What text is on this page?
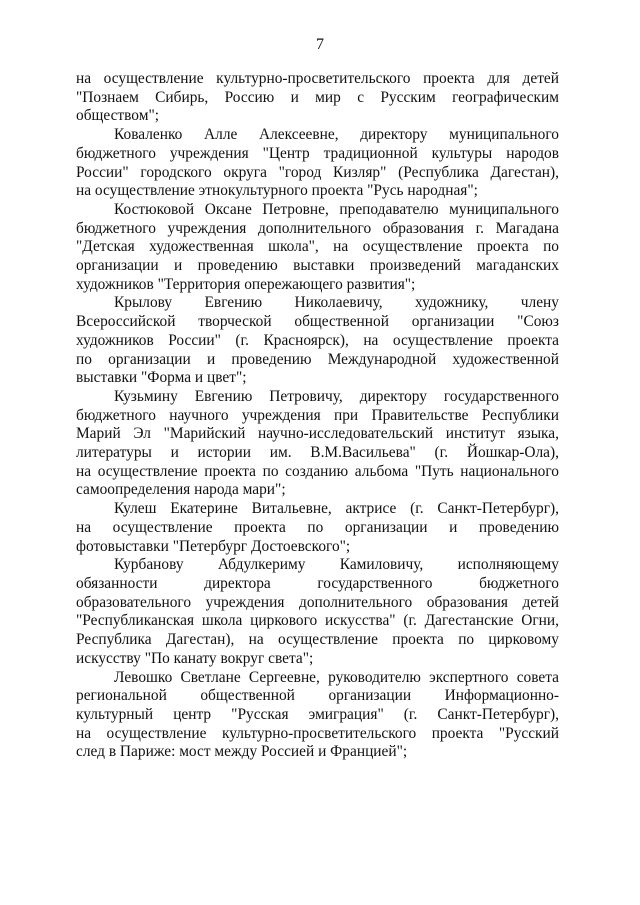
7
на осуществление культурно-просветительского проекта для детей
"Познаем Сибирь, Россию и мир с Русским географическим
обществом";
Коваленко Алле Алексеевне, директору муниципального
бюджетного учреждения "Центр традиционной культуры народов
России" городского округа "город Кизляр" (Республика Дагестан),
на осуществление этнокультурного проекта "Русь народная";
Костюковой Оксане Петровне, преподавателю муниципального
бюджетного учреждения дополнительного образования г. Магадана
"Детская художественная школа", на осуществление проекта по
организации и проведению выставки произведений магаданских
художников "Территория опережающего развития";
Крылову Евгению Николаевичу, художнику, члену
Всероссийской творческой общественной организации "Союз
художников России" (г. Красноярск), на осуществление проекта
по организации и проведению Международной художественной
выставки "Форма и цвет";
Кузьмину Евгению Петровичу, директору государственного
бюджетного научного учреждения при Правительстве Республики
Марий Эл "Марийский научно-исследовательский институт языка,
литературы и истории им. В.М.Васильева" (г. Йошкар-Ола),
на осуществление проекта по созданию альбома "Путь национального
самоопределения народа мари";
Кулеш Екатерине Витальевне, актрисе (г. Санкт-Петербург),
на осуществление проекта по организации и проведению
фотовыставки "Петербург Достоевского";
Курбанову Абдулкериму Камиловичу, исполняющему
обязанности директора государственного бюджетного
образовательного учреждения дополнительного образования детей
"Республиканская школа циркового искусства" (г. Дагестанские Огни,
Республика Дагестан), на осуществление проекта по цирковому
искусству "По канату вокруг света";
Левошко Светлане Сергеевне, руководителю экспертного совета
региональной общественной организации Информационно-
культурный центр "Русская эмиграция" (г. Санкт-Петербург),
на осуществление культурно-просветительского проекта "Русский
след в Париже: мост между Россией и Францией";
